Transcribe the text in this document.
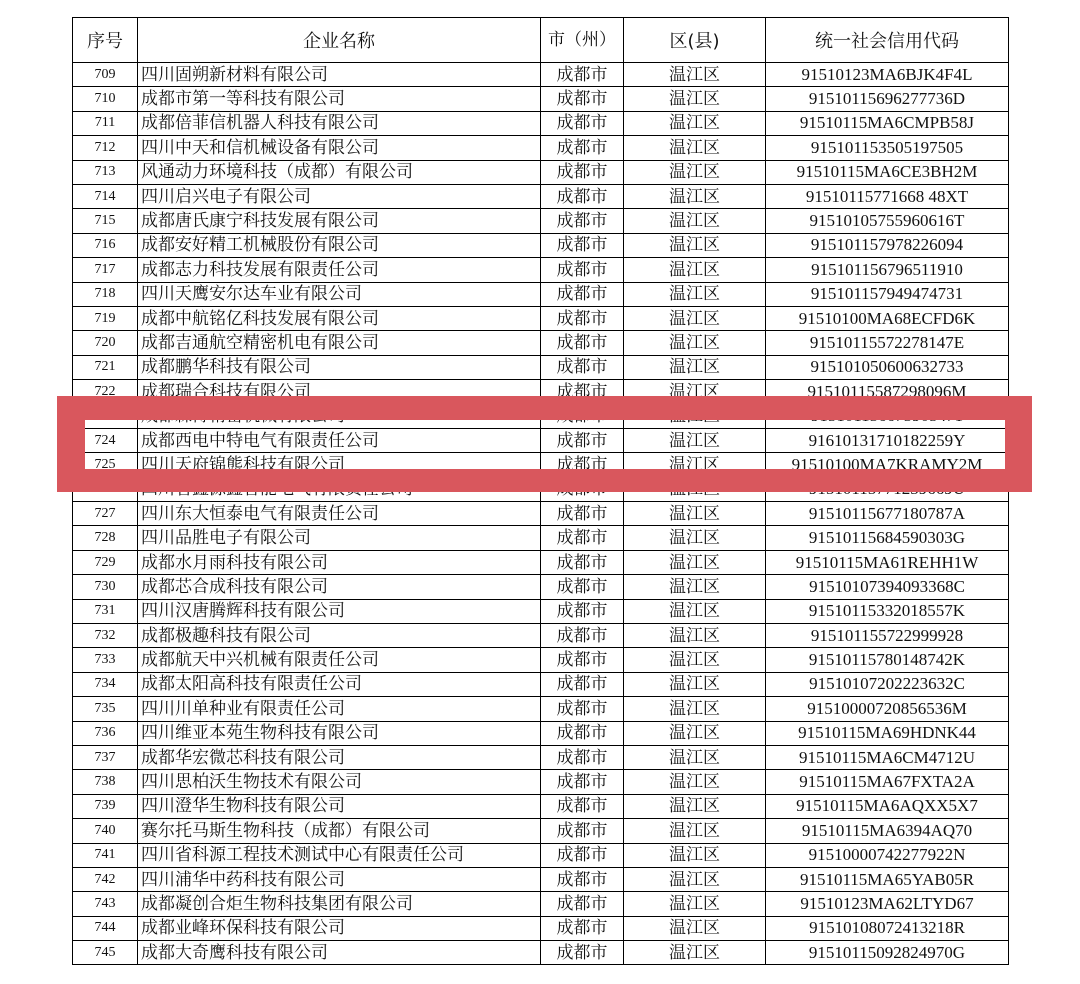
序号	企业名称	市（州）	区(县)	统一社会信用代码
709	四川固朔新材料有限公司	成都市	温江区	91510123MA6BJK4F4L
710	成都市第一等科技有限公司	成都市	温江区	91510115696277736D
711	成都倍菲信机器人科技有限公司	成都市	温江区	91510115MA6CMPB58J
712	四川中天和信机械设备有限公司	成都市	温江区	915101153505197505
713	风通动力环境科技（成都）有限公司	成都市	温江区	91510115MA6CE3BH2M
714	四川启兴电子有限公司	成都市	温江区	91510115771668 48XT
715	成都唐氏康宁科技发展有限公司	成都市	温江区	91510105755960616T
716	成都安好精工机械股份有限公司	成都市	温江区	915101157978226094
717	成都志力科技发展有限责任公司	成都市	温江区	915101156796511910
718	四川天鹰安尔达车业有限公司	成都市	温江区	915101157949474731
719	成都中航铭亿科技发展有限公司	成都市	温江区	91510100MA68ECFD6K
720	成都吉通航空精密机电有限公司	成都市	温江区	91510115572278147E
721	成都鹏华科技有限公司	成都市	温江区	915101050600632733
722	成都瑞合科技有限公司	成都市	温江区	91510115587298096M
723	成都森博精密机械有限公司	成都市	温江区	915101156675905471
724	成都西电中特电气有限责任公司	成都市	温江区	91610131710182259Y
725	四川天府锦熊科技有限公司	成都市	温江区	91510100MA7KRAMY2M
726	四川省鑫源鑫智能电气有限责任公司	成都市	温江区	91510115771239669U
727	四川东大恒泰电气有限责任公司	成都市	温江区	91510115677180787A
728	四川品胜电子有限公司	成都市	温江区	91510115684590303G
729	成都水月雨科技有限公司	成都市	温江区	91510115MA61REHH1W
730	成都芯合成科技有限公司	成都市	温江区	91510107394093368C
731	四川汉唐腾辉科技有限公司	成都市	温江区	91510115332018557K
732	成都极趣科技有限公司	成都市	温江区	915101155722999928
733	成都航天中兴机械有限责任公司	成都市	温江区	91510115780148742K
734	成都太阳高科技有限责任公司	成都市	温江区	91510107202223632C
735	四川川单种业有限责任公司	成都市	温江区	91510000720856536M
736	四川维亚本苑生物科技有限公司	成都市	温江区	91510115MA69HDNK44
737	成都华宏微芯科技有限公司	成都市	温江区	91510115MA6CM4712U
738	四川思柏沃生物技术有限公司	成都市	温江区	91510115MA67FXTA2A
739	四川澄华生物科技有限公司	成都市	温江区	91510115MA6AQXX5X7
740	赛尔托马斯生物科技（成都）有限公司	成都市	温江区	91510115MA6394AQ70
741	四川省科源工程技术测试中心有限责任公司	成都市	温江区	91510000742277922N
742	四川浦华中药科技有限公司	成都市	温江区	91510115MA65YAB05R
743	成都凝创合炬生物科技集团有限公司	成都市	温江区	91510123MA62LTYD67
744	成都业峰环保科技有限公司	成都市	温江区	91510108072413218R
745	成都大奇鹰科技有限公司	成都市	温江区	91510115092824970G
